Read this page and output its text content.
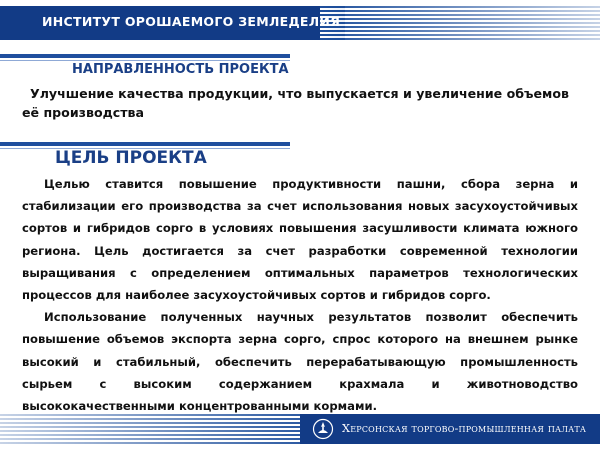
ИНСТИТУТ ОРОШАЕМОГО ЗЕМЛЕДЕЛИЯ
НАПРАВЛЕННОСТЬ ПРОЕКТА
Улучшение качества продукции, что выпускается и увеличение объемов
её производства
ЦЕЛЬ ПРОЕКТА

Целью ставится повышение продуктивности пашни, сбора зерна и стабилизации его производства за счет использования новых засухоустойчивых сортов и гибридов сорго в условиях повышения засушливости климата южного региона. Цель достигается за счет разработки современной технологии выращивания с определением оптимальных параметров технологических процессов для наиболее засухоустойчивых сортов и гибридов сорго.

Использование полученных научных результатов позволит обеспечить повышение объемов экспорта зерна сорго, спрос которого на внешнем рынке высокий и стабильный, обеспечить перерабатывающую промышленность сырьем с высоким содержанием крахмала и животноводство высококачественными концентрованными кормами.

Херсонская торгово-промышленная палата
